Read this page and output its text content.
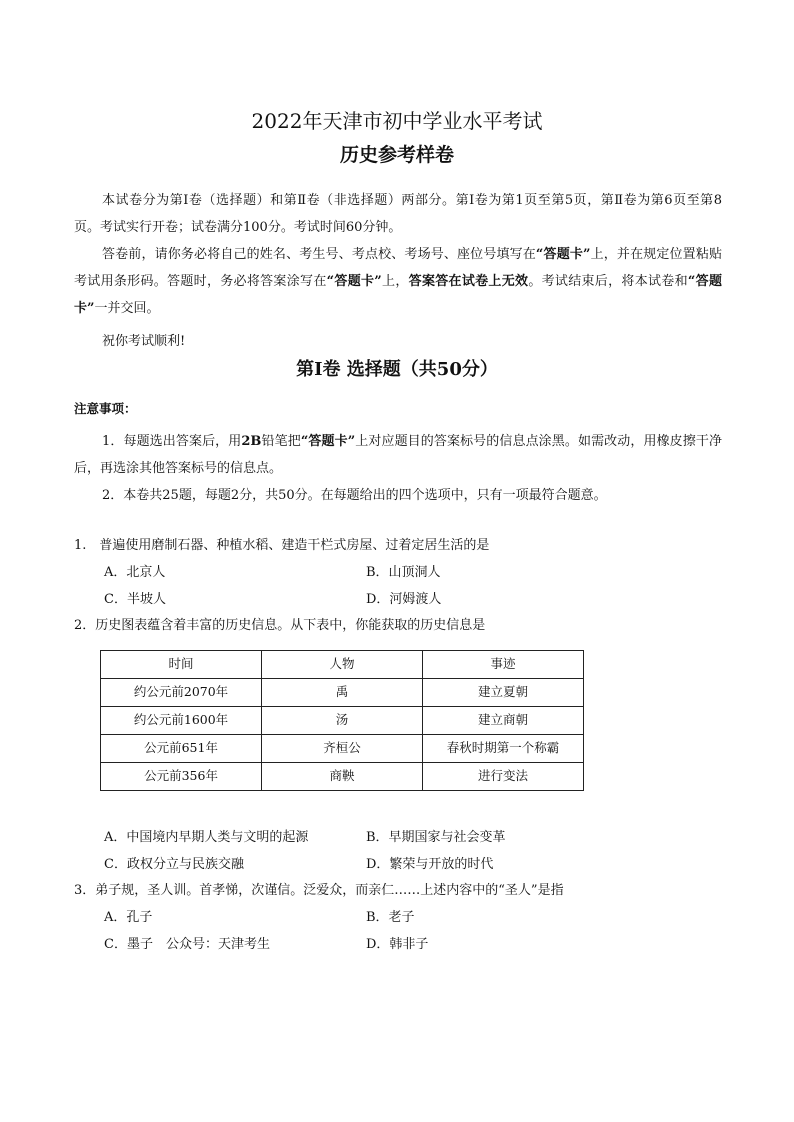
2022年天津市初中学业水平考试
历史参考样卷
本试卷分为第Ⅰ卷（选择题）和第Ⅱ卷（非选择题）两部分。第Ⅰ卷为第1页至第5页，第Ⅱ卷为第6页至第8页。考试实行开卷；试卷满分100分。考试时间60分钟。
答卷前，请你务必将自己的姓名、考生号、考点校、考场号、座位号填写在“答题卡”上，并在规定位置粘贴考试用条形码。答题时，务必将答案涂写在“答题卡”上，答案答在试卷上无效。考试结束后，将本试卷和“答题卡”一并交回。
祝你考试顺利!
第Ⅰ卷 选择题（共50分）
注意事项：
1．每题选出答案后，用2B铅笔把“答题卡”上对应题目的答案标号的信息点涂黑。如需改动，用橡皮擦干净后，再选涂其他答案标号的信息点。
2．本卷共25题，每题2分，共50分。在每题给出的四个选项中，只有一项最符合题意。
1.　普遍使用磨制石器、种植水稻、建造干栏式房屋、过着定居生活的是
A．北京人	B．山顶洞人
C．半坡人	D．河姆渡人
2．历史图表蕴含着丰富的历史信息。从下表中，你能获取的历史信息是
时间	人物	事迹
约公元前2070年	禹	建立夏朝
约公元前1600年	汤	建立商朝
公元前651年	齐桓公	春秋时期第一个称霸
公元前356年	商鞅	进行变法
A．中国境内早期人类与文明的起源	B．早期国家与社会变革
C．政权分立与民族交融	D．繁荣与开放的时代
3．弟子规，圣人训。首孝悌，次谨信。泛爱众，而亲仁……上述内容中的“圣人”是指
A．孔子	B．老子
C．墨子　公众号：天津考生	D．韩非子
